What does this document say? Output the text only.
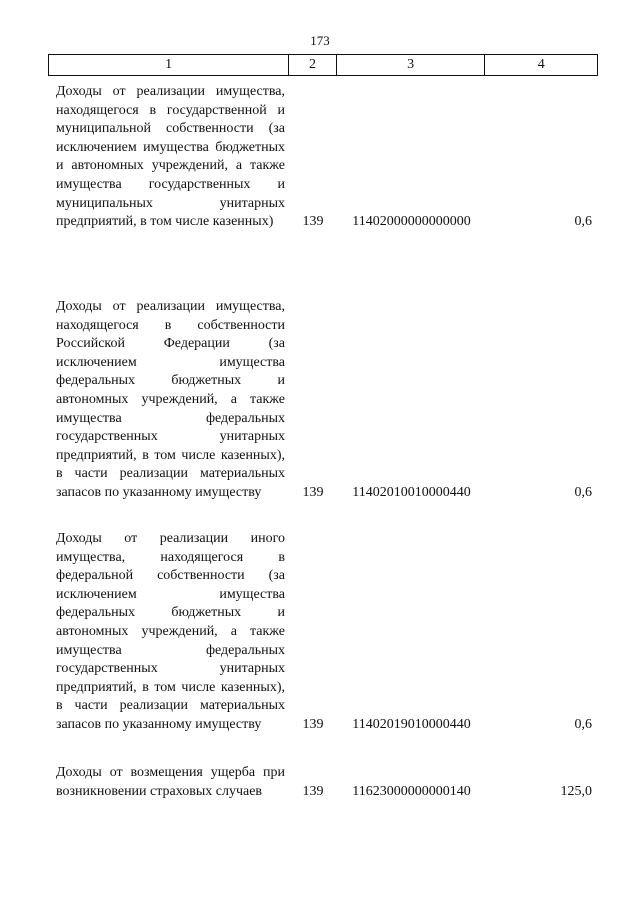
173
1	2	3	4
Доходы от реализации имущества, находящегося в государственной и муниципальной собственности (за исключением имущества бюджетных и автономных учреждений, а также имущества государственных и муниципальных унитарных предприятий, в том числе казенных)	139	11402000000000000	0,6
Доходы от реализации имущества, находящегося в собственности Российской Федерации (за исключением имущества федеральных бюджетных и автономных учреждений, а также имущества федеральных государственных унитарных предприятий, в том числе казенных), в части реализации материальных запасов по указанному имуществу	139	11402010010000440	0,6
Доходы от реализации иного имущества, находящегося в федеральной собственности (за исключением имущества федеральных бюджетных и автономных учреждений, а также имущества федеральных государственных унитарных предприятий, в том числе казенных), в части реализации материальных запасов по указанному имуществу	139	11402019010000440	0,6
Доходы от возмещения ущерба при возникновении страховых случаев	139	11623000000000140	125,0
